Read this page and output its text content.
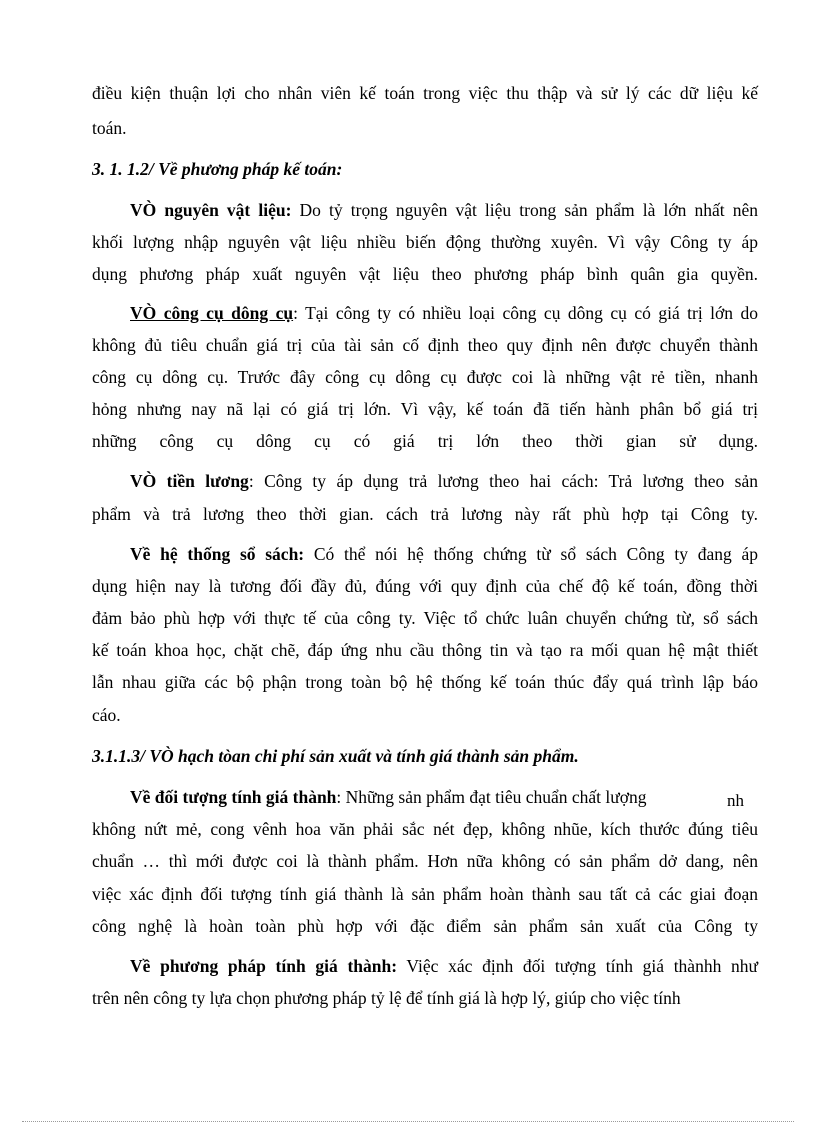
điều kiện thuận lợi cho nhân viên kế toán trong việc thu thập và sử lý các dữ liệu kế
toán.
3. 1. 1.2/ Về phương pháp kế toán:
VÒ nguyên vật liệu: Do tỷ trọng nguyên vật liệu trong sản phẩm là lớn nhất nên
khối lượng nhập nguyên vật liệu nhiều biến động thường xuyên. Vì vậy Công ty áp
dụng phương pháp xuất nguyên vật liệu theo phương pháp bình quân gia quyền.
VÒ công cụ dông cụ: Tại công ty có nhiều loại công cụ dông cụ có giá trị lớn do
không đủ tiêu chuẩn giá trị của tài sản cố định theo quy định nên được chuyển thành
công cụ dông cụ. Trước đây công cụ dông cụ được coi là những vật rẻ tiền, nhanh
hỏng nhưng nay nã lại có giá trị lớn. Vì vậy, kế toán đã tiến hành phân bổ giá trị
những công cụ dông cụ có giá trị lớn theo thời gian sử dụng.
VÒ tiền lương: Công ty áp dụng trả lương theo hai cách: Trả lương theo sản
phẩm và trả lương theo thời gian. cách trả lương này rất phù hợp tại Công ty.
Về hệ thống sổ sách: Có thể nói hệ thống chứng từ sổ sách Công ty đang áp
dụng hiện nay là tương đối đầy đủ, đúng với quy định của chế độ kế toán, đồng thời
đảm bảo phù hợp với thực tế của công ty. Việc tổ chức luân chuyển chứng từ, sổ sách
kế toán khoa học, chặt chẽ, đáp ứng nhu cầu thông tin và tạo ra mối quan hệ mật thiết
lẫn nhau giữa các bộ phận trong toàn bộ hệ thống kế toán thúc đẩy quá trình lập báo
cáo.
3.1.1.3/ VÒ hạch tòan chi phí sản xuất và tính giá thành sản phẩm.
Về đối tượng tính giá thành: Những sản phẩm đạt tiêu chuẩn chất lượng	nh
không nứt mẻ, cong vênh hoa văn phải sắc nét đẹp, không nhũe, kích thước đúng tiêu
chuẩn … thì mới được coi là thành phẩm. Hơn nữa không có sản phẩm dở dang, nên
việc xác định đối tượng tính giá thành là sản phẩm hoàn thành sau tất cả các giai đoạn
công nghệ là hoàn toàn phù hợp với đặc điểm sản phẩm sản xuất của Công ty
Về phương pháp tính giá thành: Việc xác định đối tượng tính giá thànhh như
trên nên công ty lựa chọn phương pháp tỷ lệ để tính giá là hợp lý, giúp cho việc tính
